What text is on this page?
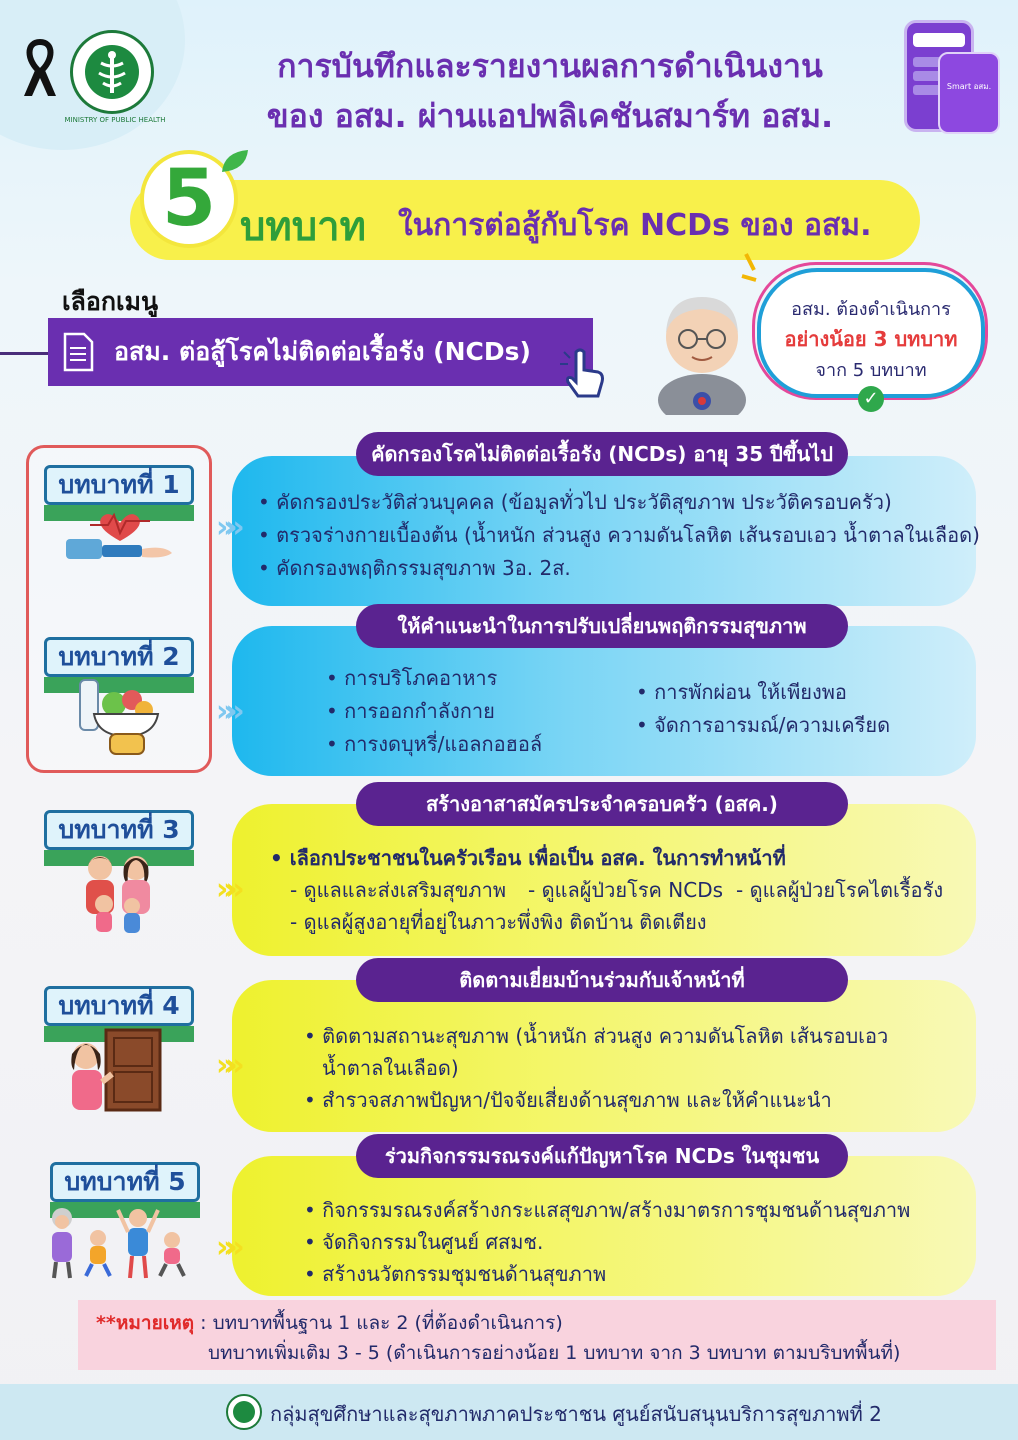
MINISTRY OF PUBLIC HEALTH
การบันทึกและรายงานผลการดำเนินงาน
ของ อสม. ผ่านแอปพลิเคชันสมาร์ท อสม.
Smart อสม.
5 บทบาท ในการต่อสู้กับโรค NCDs ของ อสม.
เลือกเมนู
อสม. ต่อสู้โรคไม่ติดต่อเรื้อรัง (NCDs)
อสม. ต้องดำเนินการ
อย่างน้อย 3 บทบาท
จาก 5 บทบาท
✓
คัดกรองโรคไม่ติดต่อเรื้อรัง (NCDs) อายุ 35 ปีขึ้นไป
บทบาทที่ 1
»»
• คัดกรองประวัติส่วนบุคคล (ข้อมูลทั่วไป ประวัติสุขภาพ ประวัติครอบครัว)
• ตรวจร่างกายเบื้องต้น (น้ำหนัก ส่วนสูง ความดันโลหิต เส้นรอบเอว น้ำตาลในเลือด)
• คัดกรองพฤติกรรมสุขภาพ 3อ. 2ส.
ให้คำแนะนำในการปรับเปลี่ยนพฤติกรรมสุขภาพ
บทบาทที่ 2
»»
• การบริโภคอาหาร
• การออกกำลังกาย
• การงดบุหรี่/แอลกอฮอล์
• การพักผ่อน ให้เพียงพอ
• จัดการอารมณ์/ความเครียด
สร้างอาสาสมัครประจำครอบครัว (อสค.)
บทบาทที่ 3
»»
• เลือกประชาชนในครัวเรือน เพื่อเป็น อสค. ในการทำหน้าที่
- ดูแลและส่งเสริมสุขภาพ - ดูแลผู้ป่วยโรค NCDs - ดูแลผู้ป่วยโรคไตเรื้อรัง
- ดูแลผู้สูงอายุที่อยู่ในภาวะพึ่งพิง ติดบ้าน ติดเตียง
ติดตามเยี่ยมบ้านร่วมกับเจ้าหน้าที่
บทบาทที่ 4
»»
• ติดตามสถานะสุขภาพ (น้ำหนัก ส่วนสูง ความดันโลหิต เส้นรอบเอว
น้ำตาลในเลือด)
• สำรวจสภาพปัญหา/ปัจจัยเสี่ยงด้านสุขภาพ และให้คำแนะนำ
ร่วมกิจกรรมรณรงค์แก้ปัญหาโรค NCDs ในชุมชน
บทบาทที่ 5
»»
• กิจกรรมรณรงค์สร้างกระแสสุขภาพ/สร้างมาตรการชุมชนด้านสุขภาพ
• จัดกิจกรรมในศูนย์ ศสมช.
• สร้างนวัตกรรมชุมชนด้านสุขภาพ
**หมายเหตุ : บทบาทพื้นฐาน 1 และ 2 (ที่ต้องดำเนินการ)
บทบาทเพิ่มเติม 3 - 5 (ดำเนินการอย่างน้อย 1 บทบาท จาก 3 บทบาท ตามบริบทพื้นที่)
กลุ่มสุขศึกษาและสุขภาพภาคประชาชน ศูนย์สนับสนุนบริการสุขภาพที่ 2
